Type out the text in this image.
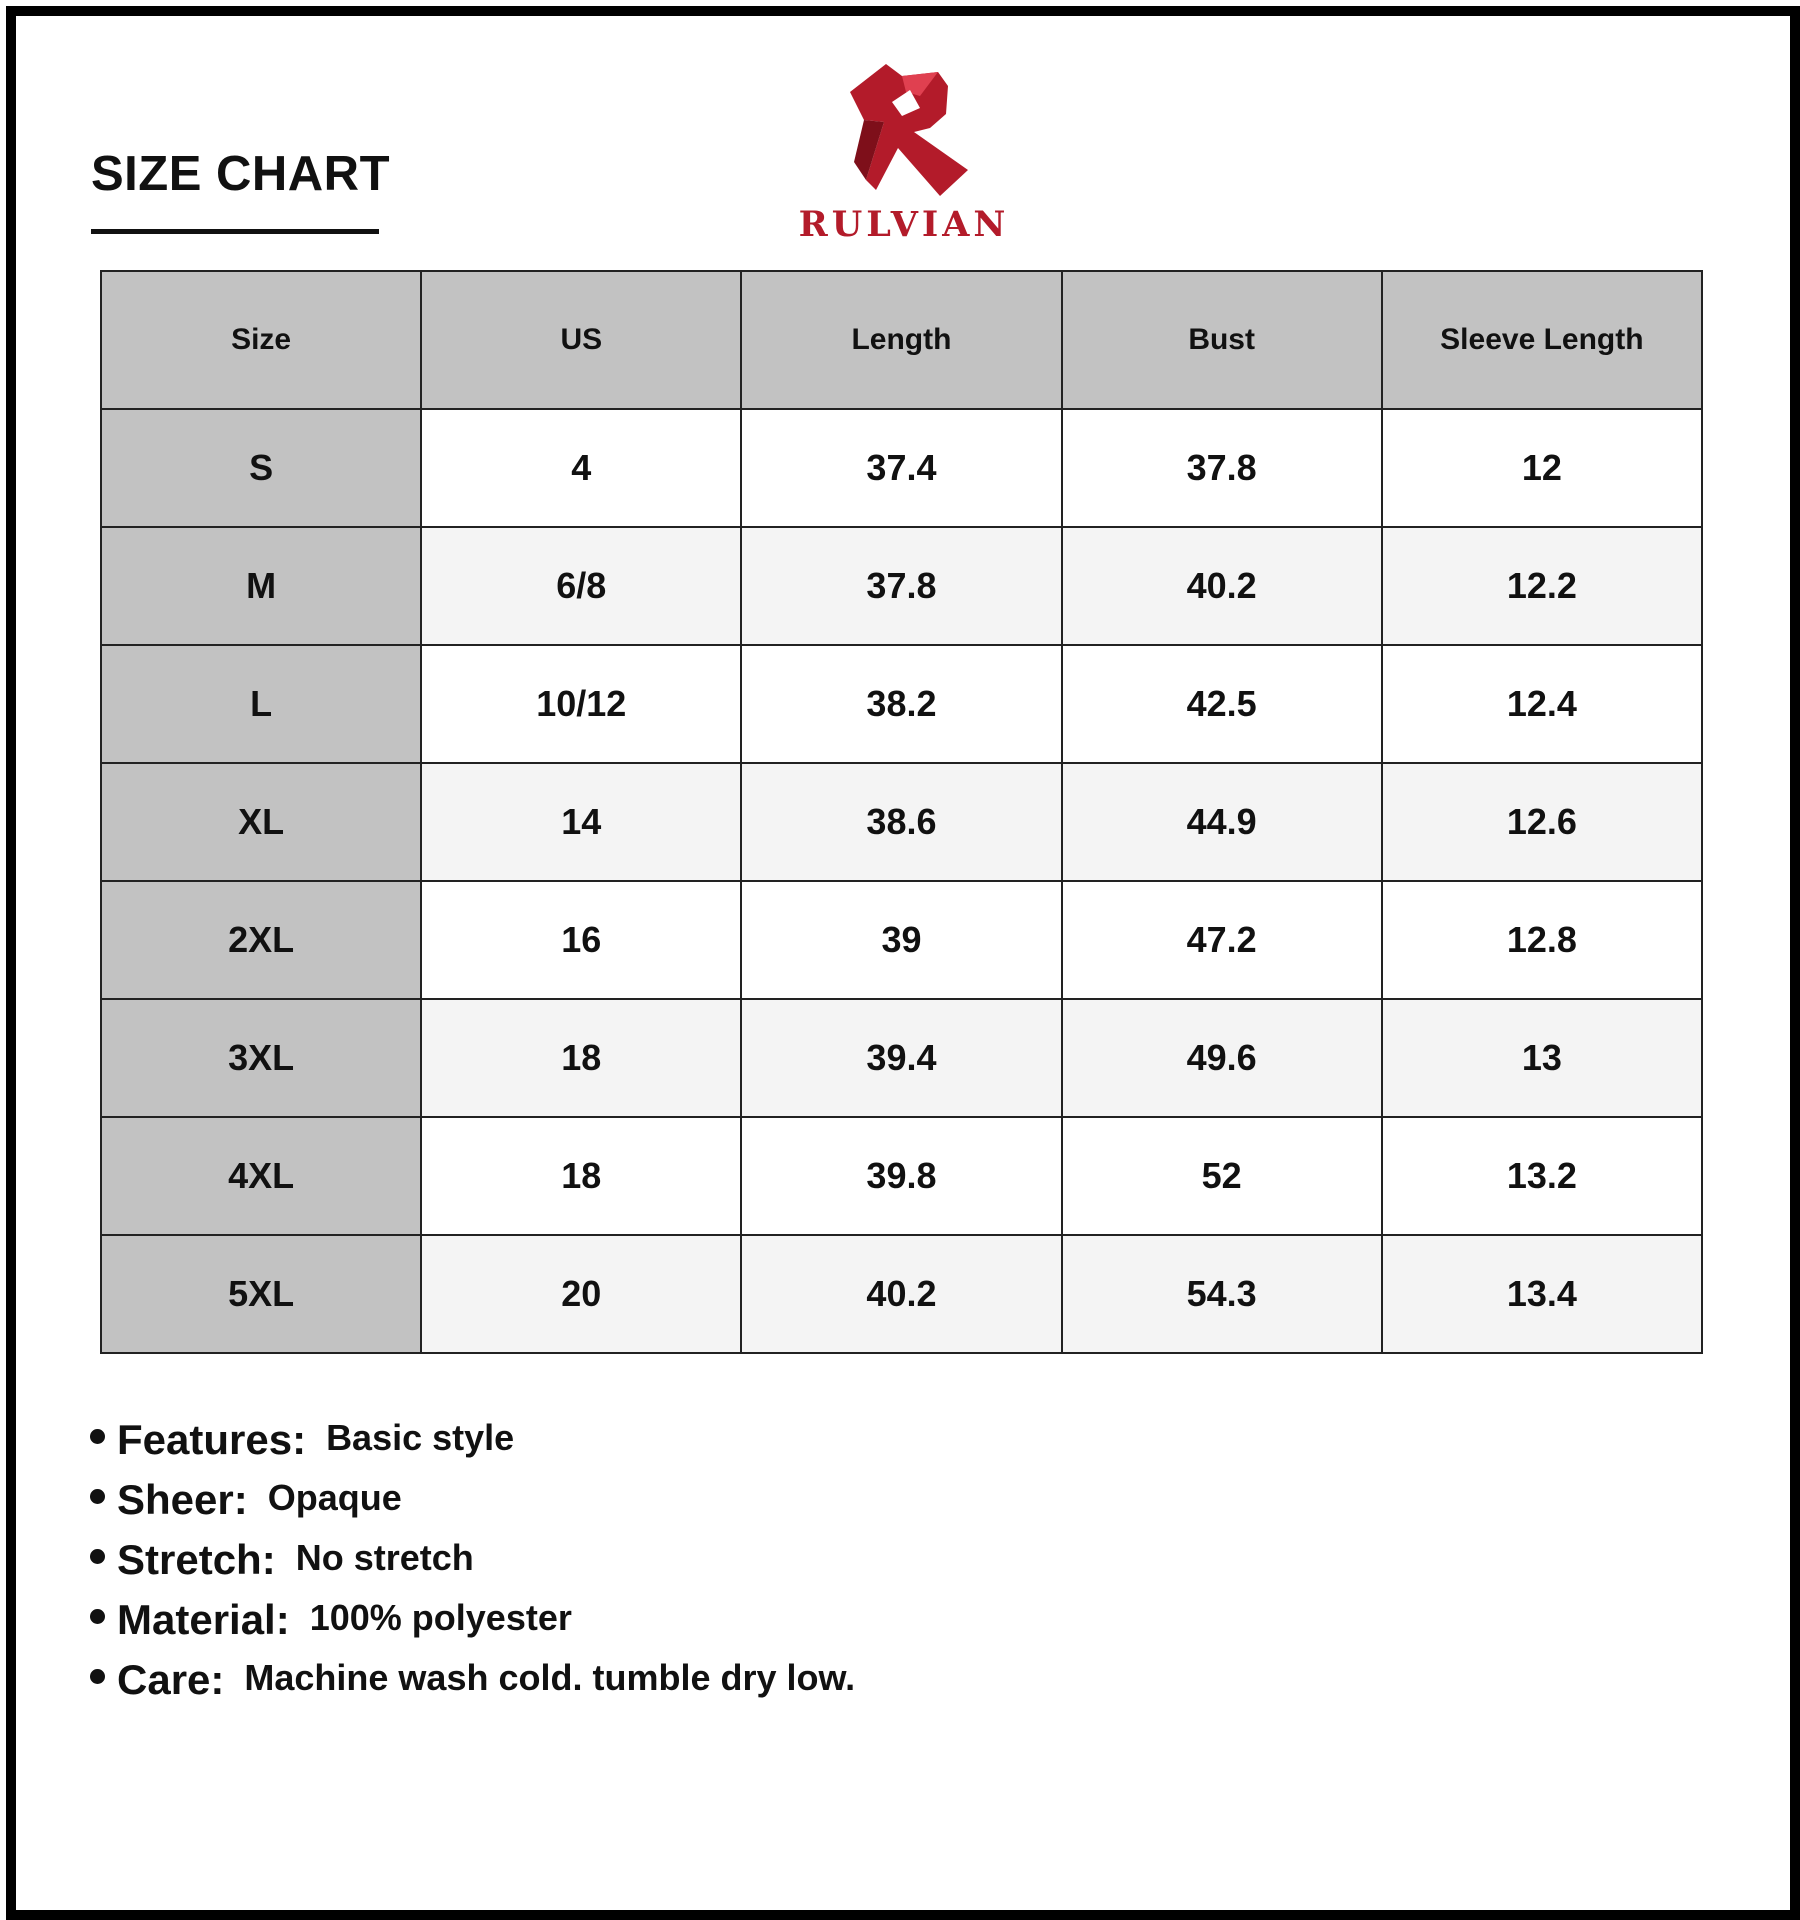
SIZE CHART
RULVIAN
Size	US	Length	Bust	Sleeve Length
S	4	37.4	37.8	12
M	6/8	37.8	40.2	12.2
L	10/12	38.2	42.5	12.4
XL	14	38.6	44.9	12.6
2XL	16	39	47.2	12.8
3XL	18	39.4	49.6	13
4XL	18	39.8	52	13.2
5XL	20	40.2	54.3	13.4
Features: Basic style
Sheer: Opaque
Stretch: No stretch
Material: 100% polyester
Care: Machine wash cold. tumble dry low.
